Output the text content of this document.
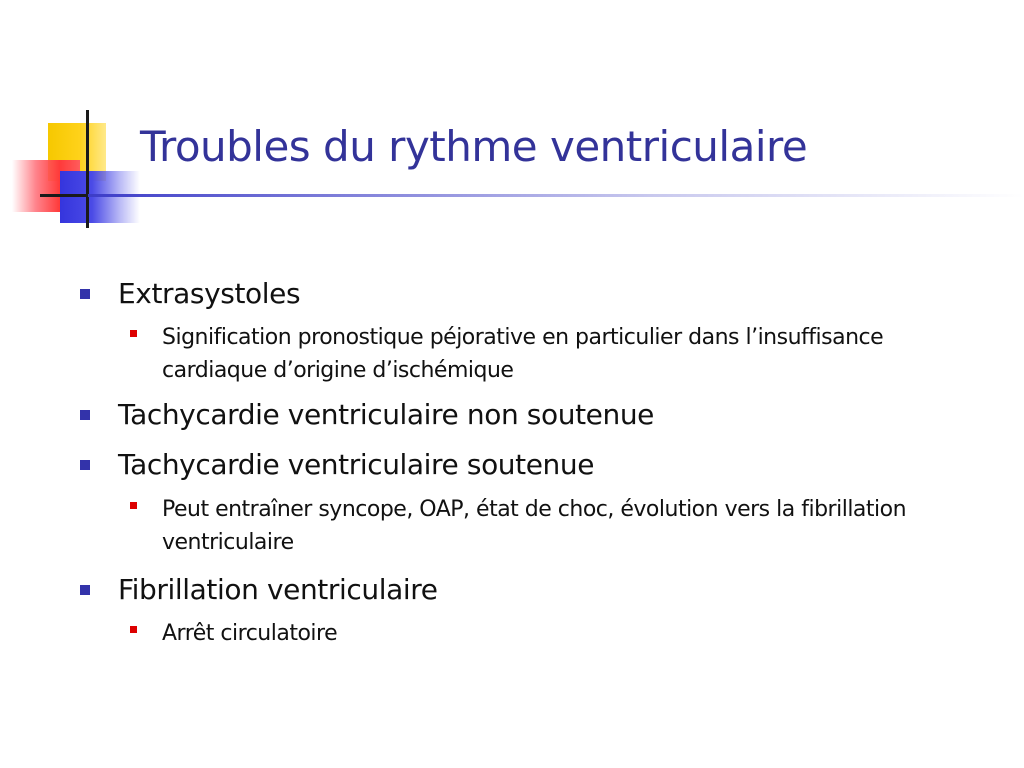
Troubles du rythme ventriculaire
Extrasystoles
Signification pronostique péjorative en particulier dans l’insuffisance cardiaque d’origine d’ischémique
Tachycardie ventriculaire non soutenue
Tachycardie ventriculaire soutenue
Peut entraîner syncope, OAP, état de choc, évolution vers la fibrillation ventriculaire
Fibrillation ventriculaire
Arrêt circulatoire
